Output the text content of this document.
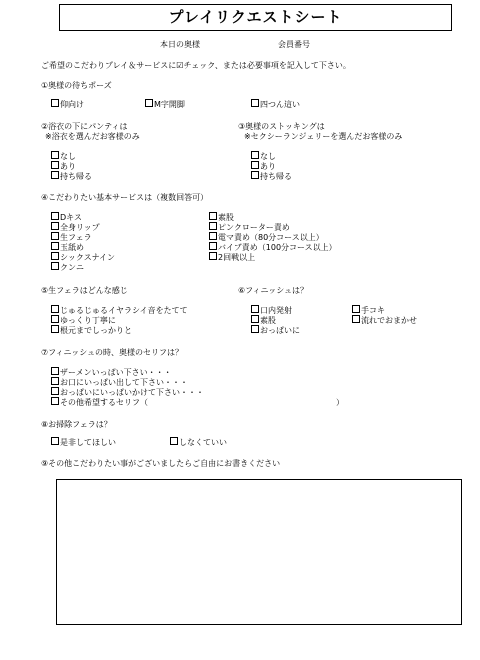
プレイリクエストシート
本日の奥様	会員番号
ご希望のこだわりプレイ＆サービスに☑チェック、または必要事項を記入して下さい。
①奥様の待ちポーズ
仰向け	M字開脚	四つん這い
②浴衣の下にパンティは
※浴衣を選んだお客様のみ
なし
あり
持ち帰る
③奥様のストッキングは
※セクシーランジェリーを選んだお客様のみ
なし
あり
持ち帰る
④こだわりたい基本サービスは（複数回答可）
Dキス
全身リップ
生フェラ
玉舐め
シックスナイン
クンニ
素股
ピンクローター責め
電マ責め（80分コース以上）
バイブ責め（100分コース以上）
2回戦以上
⑤生フェラはどんな感じ
じゅるじゅるイヤラシイ音をたてて
ゆっくり丁寧に
根元までしっかりと
⑥フィニッシュは？
口内発射
素股
おっぱいに
手コキ
流れでおまかせ
⑦フィニッシュの時、奥様のセリフは？
ザーメンいっぱい下さい・・・
お口にいっぱい出して下さい・・・
おっぱいにいっぱいかけて下さい・・・
その他希望するセリフ（	）
⑧お掃除フェラは？
是非してほしい	しなくていい
⑨その他こだわりたい事がございましたらご自由にお書きください
